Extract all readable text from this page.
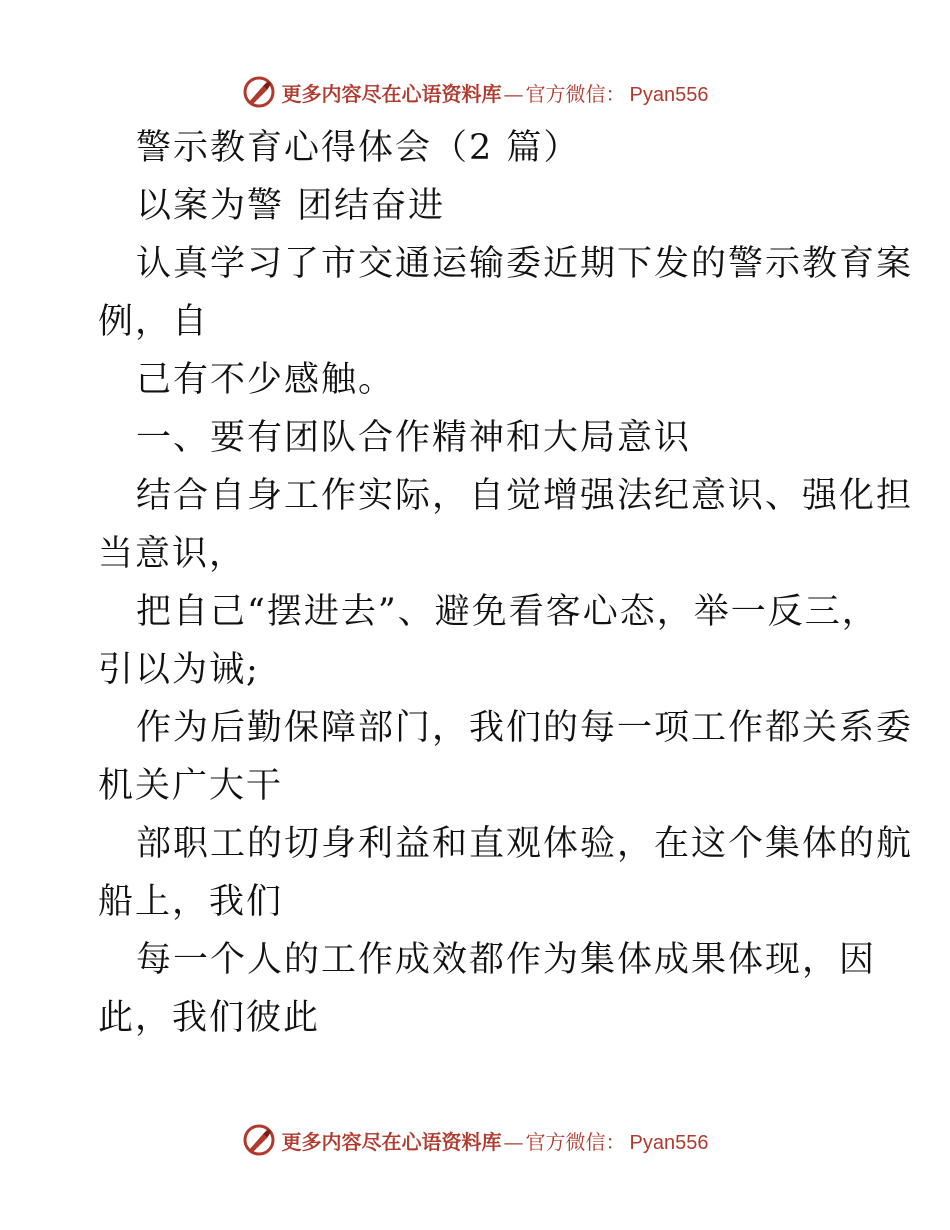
更多内容尽在心语资料库 — 官方微信： Pyan556
警示教育心得体会（2 篇）
以案为警 团结奋进
认真学习了市交通运输委近期下发的警示教育案
例，自
己有不少感触。
一、要有团队合作精神和大局意识
结合自身工作实际，自觉增强法纪意识、强化担
当意识，
把自己“摆进去”、避免看客心态，举一反三，
引以为诫;
作为后勤保障部门，我们的每一项工作都关系委
机关广大干
部职工的切身利益和直观体验，在这个集体的航
船上，我们
每一个人的工作成效都作为集体成果体现，因
此，我们彼此
更多内容尽在心语资料库 — 官方微信： Pyan556
